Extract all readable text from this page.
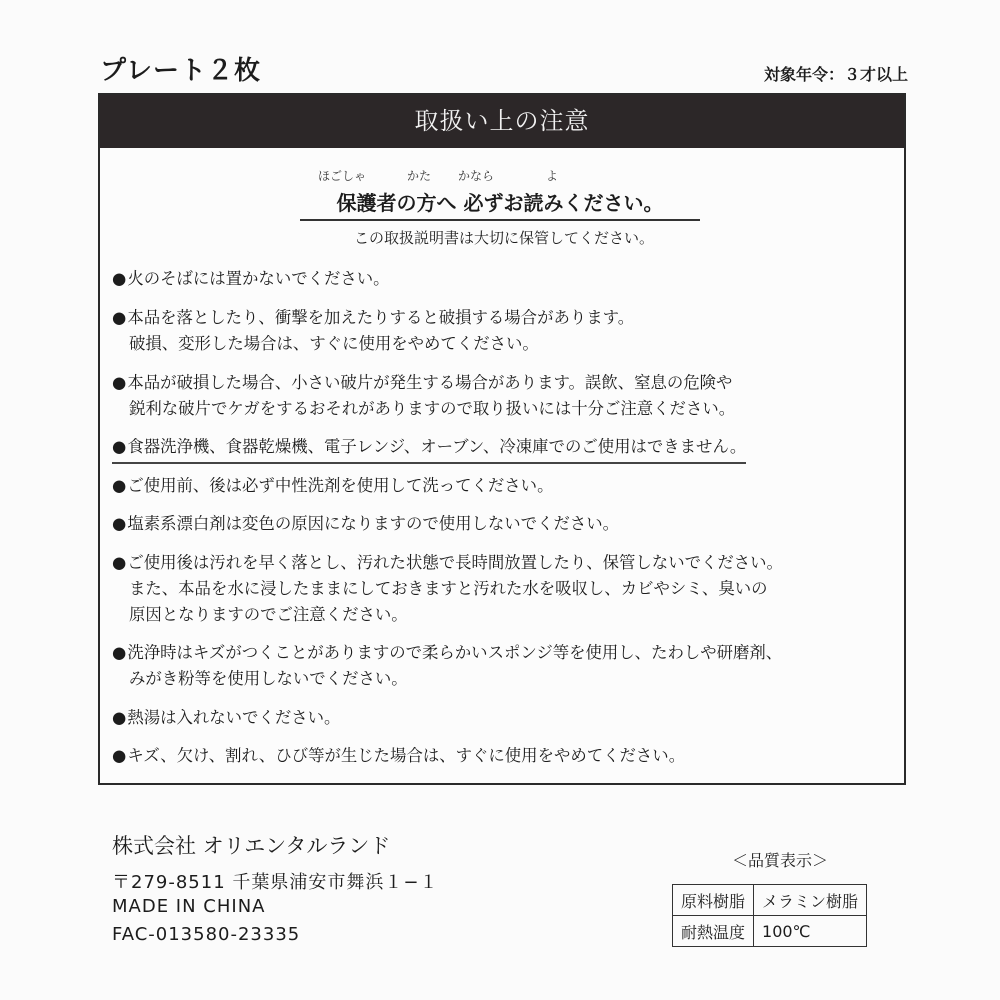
プレート２枚	対象年令：３才以上
取扱い上の注意
ほごしゃ	かた かなら	よ
保護者の方へ 必ずお読みください。
この取扱説明書は大切に保管してください。
●火のそばには置かないでください。
●本品を落としたり、衝撃を加えたりすると破損する場合があります。
破損、変形した場合は、すぐに使用をやめてください。
●本品が破損した場合、小さい破片が発生する場合があります。誤飲、窒息の危険や
鋭利な破片でケガをするおそれがありますので取り扱いには十分ご注意ください。
●食器洗浄機、食器乾燥機、電子レンジ、オーブン、冷凍庫でのご使用はできません。
●ご使用前、後は必ず中性洗剤を使用して洗ってください。
●塩素系漂白剤は変色の原因になりますので使用しないでください。
●ご使用後は汚れを早く落とし、汚れた状態で長時間放置したり、保管しないでください。
また、本品を水に浸したままにしておきますと汚れた水を吸収し、カビやシミ、臭いの
原因となりますのでご注意ください。
●洗浄時はキズがつくことがありますので柔らかいスポンジ等を使用し、たわしや研磨剤、
みがき粉等を使用しないでください。
●熱湯は入れないでください。
●キズ、欠け、割れ、ひび等が生じた場合は、すぐに使用をやめてください。
株式会社 オリエンタルランド
〒279-8511 千葉県浦安市舞浜１−１
MADE IN CHINA
FAC-013580-23335
＜品質表示＞
原料樹脂	メラミン樹脂
耐熱温度	100℃
